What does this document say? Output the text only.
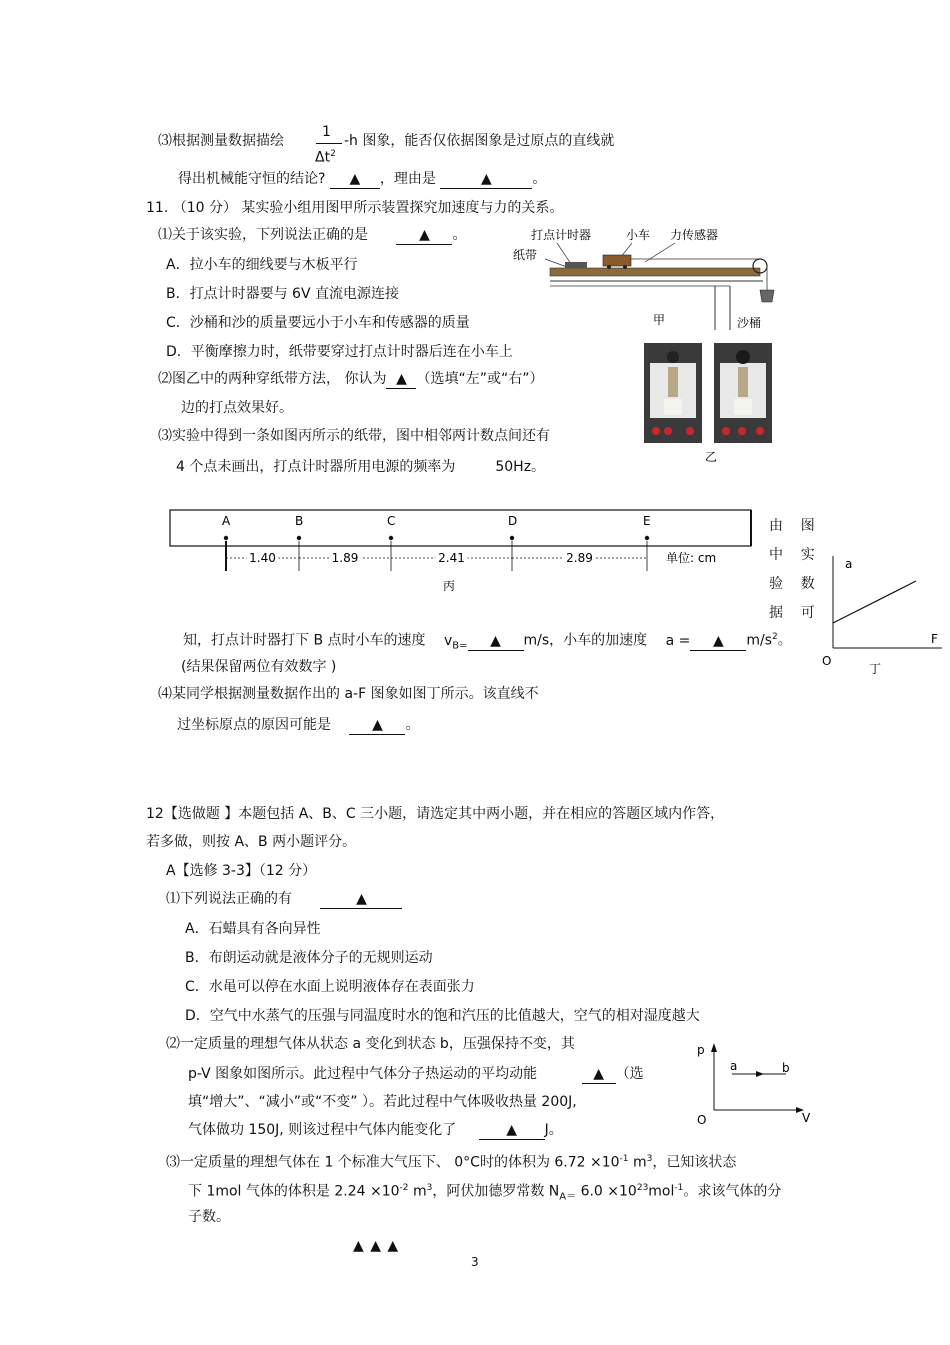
⑶根据测量数据描绘
1
$\Delta t^2$
-h 图象，能否仅依据图象是过原点的直线就
得出机械能守恒的结论? ▲ ，理由是	▲	。
11. （10 分） 某实验小组用图甲所示装置探究加速度与力的关系。
⑴关于该实验，下列说法正确的是	▲ 。
A．拉小车的细线要与木板平行
B．打点计时器要与 6V 直流电源连接
C．沙桶和沙的质量要远小于小车和传感器的质量
D．平衡摩擦力时，纸带要穿过打点计时器后连在小车上
⑵图乙中的两种穿纸带方法， 你认为 ▲ （选填“左”或“右”）
边的打点效果好。
⑶实验中得到一条如图丙所示的纸带，图中相邻两计数点间还有
4 个点未画出，打点计时器所用电源的频率为	50Hz。
打点计时器	小车 力传感器
纸带
甲	沙桶
乙
A	B	C	D	E
1.40	1.89	2.41	2.89	单位: cm
丙
由    图
中    实
验    数
据    可
a
F
O
丁
知，打点计时器打下 B 点时小车的速度 $v_{B=}$ ▲ m/s，小车的加速度 a = ▲ $m/s^2$。
(结果保留两位有效数字 )
⑷某同学根据测量数据作出的 a-F 图象如图丁所示。该直线不
过坐标原点的原因可能是	▲ 。
12【选做题 】本题包括 A、B、C 三小题，请选定其中两小题，并在相应的答题区域内作答，
若多做，则按 A、B 两小题评分。
A【选修 3-3】（12 分）
⑴下列说法正确的有	▲
A．石蜡具有各向异性
B．布朗运动就是液体分子的无规则运动
C．水黾可以停在水面上说明液体存在表面张力
D．空气中水蒸气的压强与同温度时水的饱和汽压的比值越大，空气的相对湿度越大
⑵一定质量的理想气体从状态 a 变化到状态 b，压强保持不变，其
p-V 图象如图所示。此过程中气体分子热运动的平均动能	▲ （选
填“增大”、“减小”或“不变” ）。若此过程中气体吸收热量 200J,
气体做功 150J, 则该过程中气体内能变化了	▲ J。
p
V
O
a	b
⑶一定质量的理想气体在 1 个标准大气压下、 0°C时的体积为 $6.72 \times 10^{-1}$ $m^3$，已知该状态
下 1mol 气体的体积是 $2.24 \times 10^{-2}$ $m^3$，阿伏加德罗常数 $N_{A=}$ $6.0 \times 10^{23}mol^{-1}$。求该气体的分
子数。
▲ ▲ ▲
3
